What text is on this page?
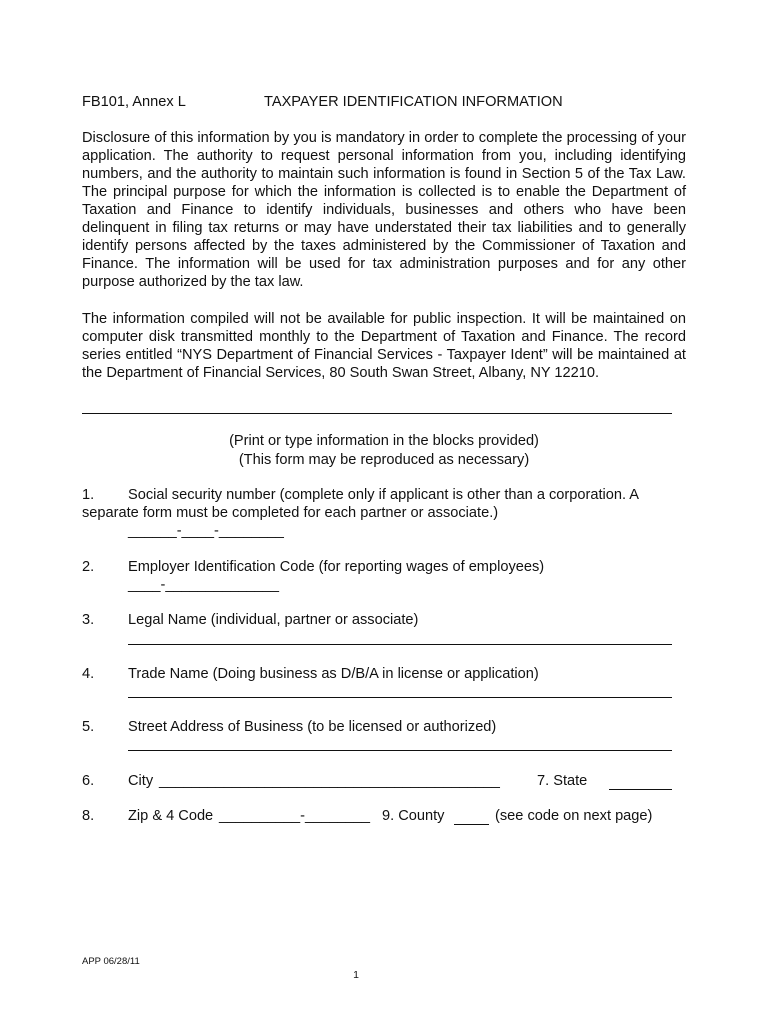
FB101, Annex L	TAXPAYER IDENTIFICATION INFORMATION
Disclosure of this information by you is mandatory in order to complete the processing of your application. The authority to request personal information from you, including identifying numbers, and the authority to maintain such information is found in Section 5 of the Tax Law. The principal purpose for which the information is collected is to enable the Department of Taxation and Finance to identify individuals, businesses and others who have been delinquent in filing tax returns or may have understated their tax liabilities and to generally identify persons affected by the taxes administered by the Commissioner of Taxation and Finance. The information will be used for tax administration purposes and for any other purpose authorized by the tax law.
The information compiled will not be available for public inspection. It will be maintained on computer disk transmitted monthly to the Department of Taxation and Finance. The record series entitled “NYS Department of Financial Services - Taxpayer Ident” will be maintained at the Department of Financial Services, 80 South Swan Street, Albany, NY 12210.
(Print or type information in the blocks provided)
(This form may be reproduced as necessary)
1. Social security number (complete only if applicant is other than a corporation. A
separate form must be completed for each partner or associate.)
______-____-________
2. Employer Identification Code (for reporting wages of employees)
____-______________
3. Legal Name (individual, partner or associate)
4. Trade Name (Doing business as D/B/A in license or application)
5. Street Address of Business (to be licensed or authorized)
6. City __________________________________________	7. State
8. Zip & 4 Code __________-________ 9. County	(see code on next page)
APP 06/28/11
1
